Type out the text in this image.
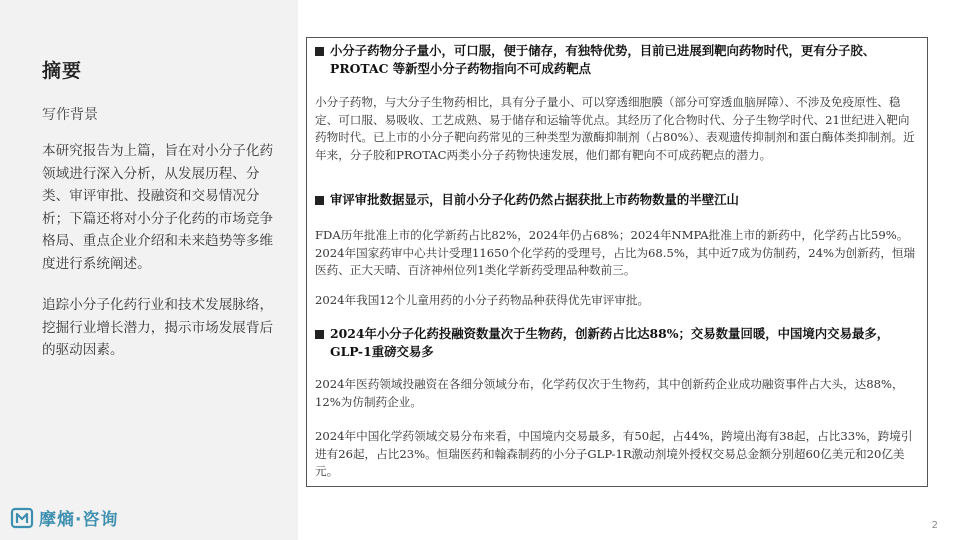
摘要
写作背景

本研究报告为上篇，旨在对小分子化药领域进行深入分析，从发展历程、分类、审评审批、投融资和交易情况分析；下篇还将对小分子化药的市场竞争格局、重点企业介绍和未来趋势等多维度进行系统阐述。

追踪小分子化药行业和技术发展脉络，挖掘行业增长潜力，揭示市场发展背后的驱动因素。

摩熵·咨询
小分子药物分子量小，可口服，便于储存，有独特优势，目前已进展到靶向药物时代，更有分子胶、PROTAC 等新型小分子药物指向不可成药靶点

小分子药物，与大分子生物药相比，具有分子量小、可以穿透细胞膜（部分可穿透血脑屏障）、不涉及免疫原性、稳定、可口服、易吸收、工艺成熟、易于储存和运输等优点。其经历了化合物时代、分子生物学时代、21世纪进入靶向药物时代。已上市的小分子靶向药常见的三种类型为激酶抑制剂（占80%）、表观遗传抑制剂和蛋白酶体类抑制剂。近年来，分子胶和PROTAC两类小分子药物快速发展，他们都有靶向不可成药靶点的潜力。

审评审批数据显示，目前小分子化药仍然占据获批上市药物数量的半壁江山

FDA历年批准上市的化学新药占比82%，2024年仍占68%；2024年NMPA批准上市的新药中，化学药占比59%。2024年国家药审中心共计受理11650个化学药的受理号，占比为68.5%，其中近7成为仿制药，24%为创新药，恒瑞医药、正大天晴、百济神州位列1类化学新药受理品种数前三。

2024年我国12个儿童用药的小分子药物品种获得优先审评审批。

2024年小分子化药投融资数量次于生物药，创新药占比达88%；交易数量回暖，中国境内交易最多，GLP-1重磅交易多

2024年医药领域投融资在各细分领域分布，化学药仅次于生物药，其中创新药企业成功融资事件占大头，达88%，12%为仿制药企业。

2024年中国化学药领域交易分布来看，中国境内交易最多，有50起，占44%，跨境出海有38起，占比33%，跨境引进有26起，占比23%。恒瑞医药和翰森制药的小分子GLP-1R激动剂境外授权交易总金额分别超60亿美元和20亿美元。

2
